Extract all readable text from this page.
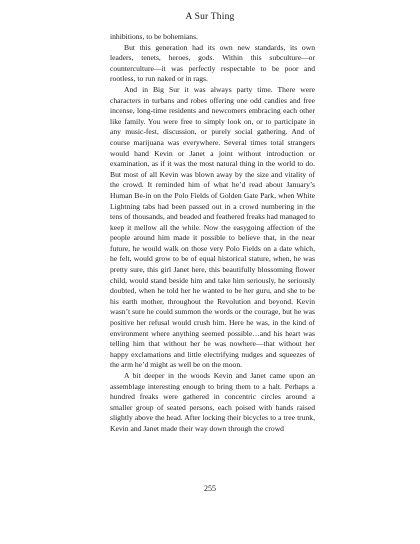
A Sur Thing

inhibitions, to be bohemians.

But this generation had its own new standards, its own leaders, tenets, heroes, gods. Within this subculture—or counterculture—it was perfectly respectable to be poor and rootless, to run naked or in rags.

And in Big Sur it was always party time. There were characters in turbans and robes offering one odd candies and free incense, long-time residents and newcomers embracing each other like family. You were free to simply look on, or to participate in any music-fest, discussion, or purely social gathering. And of course marijuana was everywhere. Several times total strangers would hand Kevin or Janet a joint without introduction or examination, as if it was the most natural thing in the world to do. But most of all Kevin was blown away by the size and vitality of the crowd. It reminded him of what he’d read about January’s Human Be-in on the Polo Fields of Golden Gate Park, when White Lightning tabs had been passed out in a crowd numbering in the tens of thousands, and beaded and feathered freaks had managed to keep it mellow all the while. Now the easygoing affection of the people around him made it possible to believe that, in the near future, he would walk on those very Polo Fields on a date which, he felt, would grow to be of equal historical stature, when, he was pretty sure, this girl Janet here, this beautifully blossoming flower child, would stand beside him and take him seriously, he seriously doubted, when he told her he wanted to be her guru, and she to be his earth mother, throughout the Revolution and beyond. Kevin wasn’t sure he could summon the words or the courage, but he was positive her refusal would crush him. Here he was, in the kind of environment where anything seemed possible…and his heart was telling him that without her he was nowhere—that without her happy exclamations and little electrifying nudges and squeezes of the arm he’d might as well be on the moon.

A bit deeper in the woods Kevin and Janet came upon an assemblage interesting enough to bring them to a halt. Perhaps a hundred freaks were gathered in concentric circles around a smaller group of seated persons, each poised with hands raised slightly above the head. After locking their bicycles to a tree trunk, Kevin and Janet made their way down through the crowd

255
